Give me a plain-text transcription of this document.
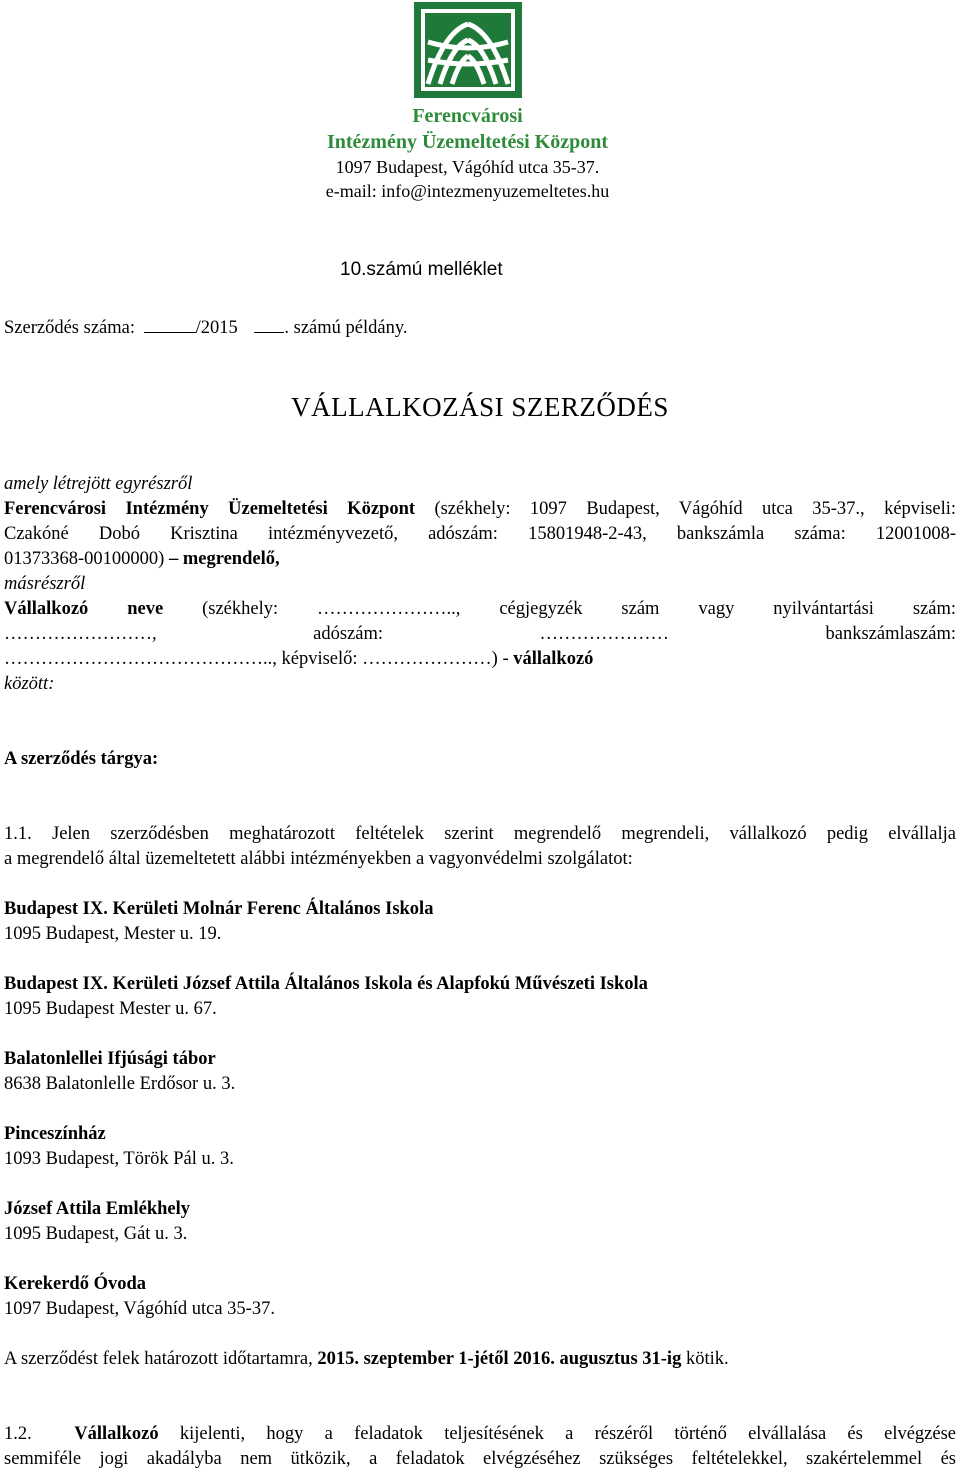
Ferencvárosi
Intézmény Üzemeltetési Központ
1097 Budapest, Vágóhíd utca 35-37.
e-mail: info@intezmenyuzemeltetes.hu
10.számú melléklet
Szerződés száma:	/2015	. számú példány.
VÁLLALKOZÁSI SZERZŐDÉS
amely létrejött egyrészről
Ferencvárosi Intézmény Üzemeltetési Központ (székhely: 1097 Budapest, Vágóhíd utca 35-37., képviseli:
Czakóné Dobó Krisztina intézményvezető, adószám: 15801948-2-43, bankszámla száma: 12001008-
01373368-00100000) – megrendelő,
másrészről
Vállalkozó neve (székhely: ………………….., cégjegyzék szám vagy nyilvántartási szám:
……………………, adószám: ………………… bankszámlaszám:
…………………………………….., képviselő: …………………) - vállalkozó
között:
A szerződés tárgya:
1.1. Jelen szerződésben meghatározott feltételek szerint megrendelő megrendeli, vállalkozó pedig elvállalja
a megrendelő által üzemeltetett alábbi intézményekben a vagyonvédelmi szolgálatot:
Budapest IX. Kerületi Molnár Ferenc Általános Iskola
1095 Budapest, Mester u. 19.
Budapest IX. Kerületi József Attila Általános Iskola és Alapfokú Művészeti Iskola
1095 Budapest Mester u. 67.
Balatonlellei Ifjúsági tábor
8638 Balatonlelle Erdősor u. 3.
Pinceszínház
1093 Budapest, Török Pál u. 3.
József Attila Emlékhely
1095 Budapest, Gát u. 3.
Kerekerdő Óvoda
1097 Budapest, Vágóhíd utca 35-37.
A szerződést felek határozott időtartamra, 2015. szeptember 1-jétől 2016. augusztus 31-ig kötik.
1.2. Vállalkozó kijelenti, hogy a feladatok teljesítésének a részéről történő elvállalása és elvégzése
semmiféle jogi akadályba nem ütközik, a feladatok elvégzéséhez szükséges feltételekkel, szakértelemmel és
